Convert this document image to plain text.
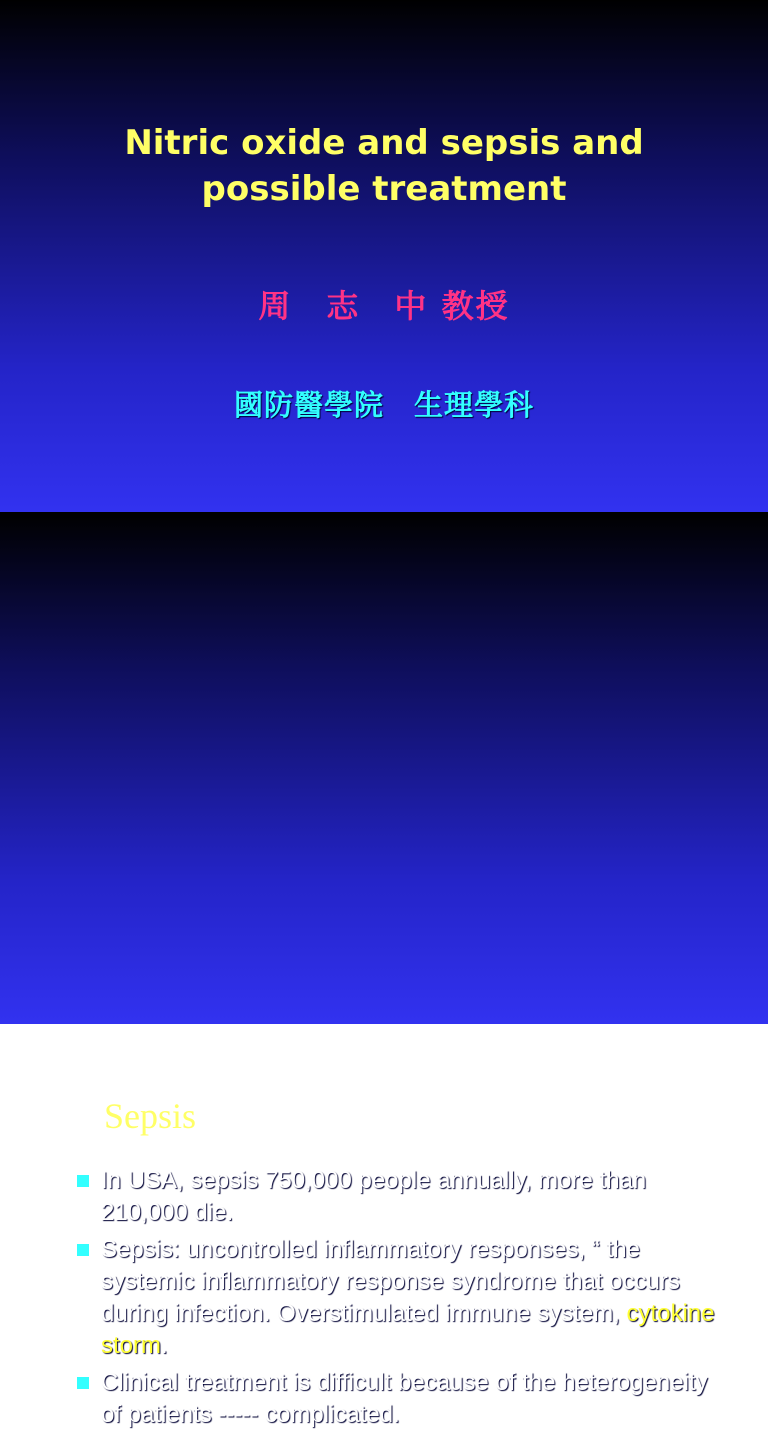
Nitric oxide and sepsis and
possible treatment
周　志　中 教授
國防醫學院　生理學科
Sepsis
In USA, sepsis 750,000 people annually, more than 210,000 die.
Sepsis: uncontrolled inflammatory responses, “ the systemic inflammatory response syndrome that occurs during infection. Overstimulated immune system, cytokine storm.
Clinical treatment is difficult because of the heterogeneity of patients ----- complicated.
